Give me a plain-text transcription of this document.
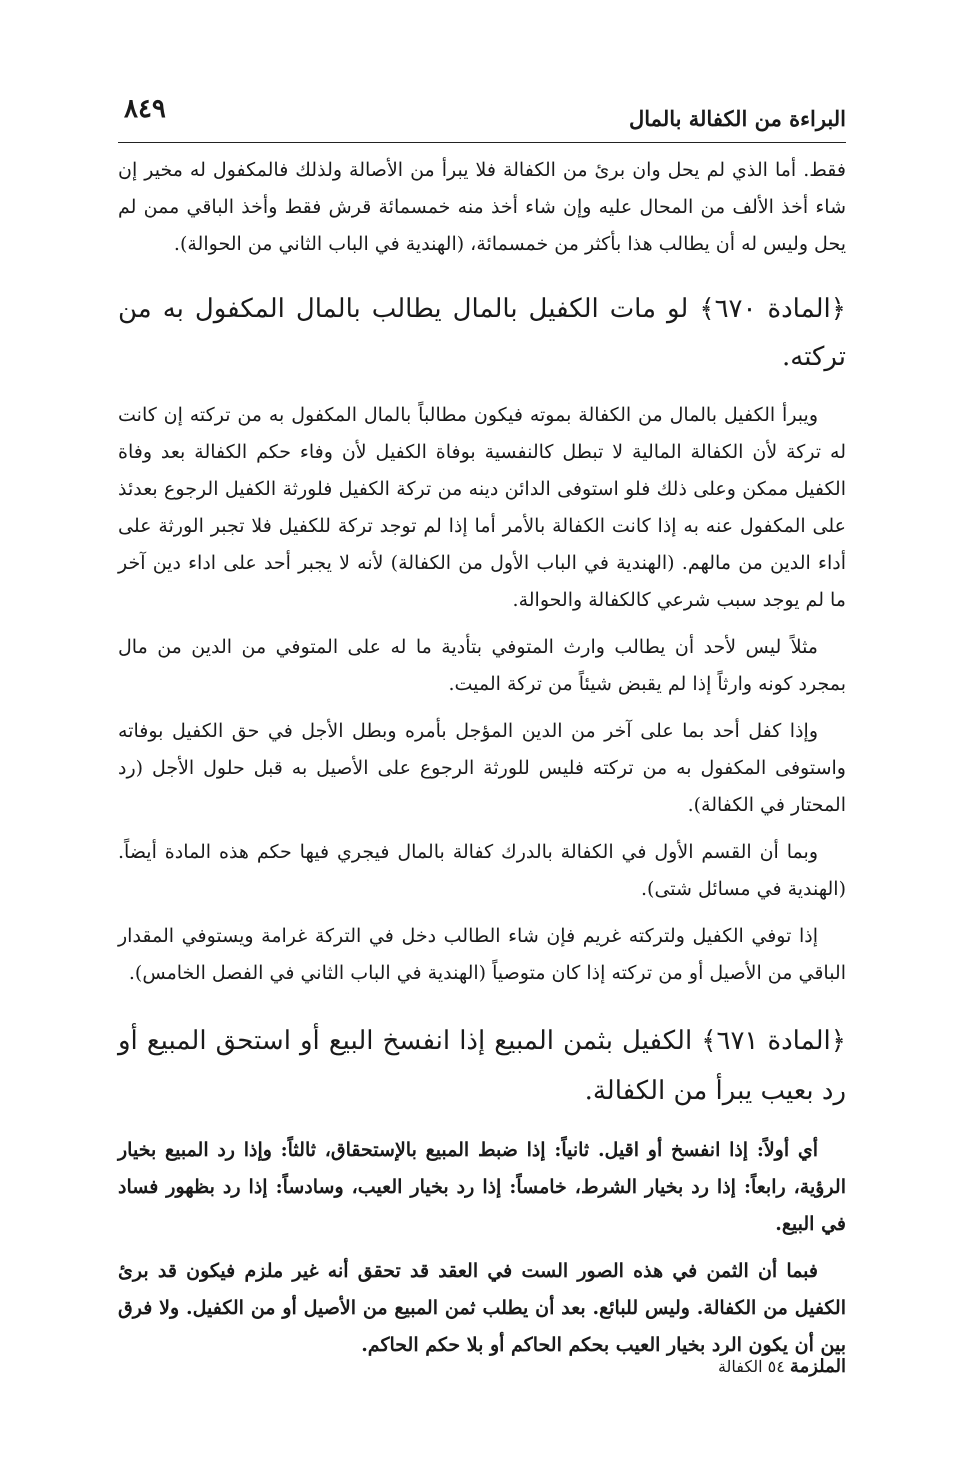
٨٤٩	البراءة من الكفالة بالمال

فقط. أما الذي لم يحل وان برئ من الكفالة فلا يبرأ من الأصالة ولذلك فالمكفول له مخير إن شاء أخذ الألف من المحال عليه وإن شاء أخذ منه خمسمائة قرش فقط وأخذ الباقي ممن لم يحل وليس له أن يطالب هذا بأكثر من خمسمائة، (الهندية في الباب الثاني من الحوالة).

﴿المادة ٦٧٠﴾ لو مات الكفيل بالمال يطالب بالمال المكفول به من تركته.

ويبرأ الكفيل بالمال من الكفالة بموته فيكون مطالباً بالمال المكفول به من تركته إن كانت له تركة لأن الكفالة المالية لا تبطل كالنفسية بوفاة الكفيل لأن وفاء حكم الكفالة بعد وفاة الكفيل ممكن وعلى ذلك فلو استوفى الدائن دينه من تركة الكفيل فلورثة الكفيل الرجوع بعدئذ على المكفول عنه به إذا كانت الكفالة بالأمر أما إذا لم توجد تركة للكفيل فلا تجبر الورثة على أداء الدين من مالهم. (الهندية في الباب الأول من الكفالة) لأنه لا يجبر أحد على اداء دين آخر ما لم يوجد سبب شرعي كالكفالة والحوالة.

مثلاً ليس لأحد أن يطالب وارث المتوفي بتأدية ما له على المتوفي من الدين من مال بمجرد كونه وارثاً إذا لم يقبض شيئاً من تركة الميت.

وإذا كفل أحد بما على آخر من الدين المؤجل بأمره وبطل الأجل في حق الكفيل بوفاته واستوفى المكفول به من تركته فليس للورثة الرجوع على الأصيل به قبل حلول الأجل (رد المحتار في الكفالة).

وبما أن القسم الأول في الكفالة بالدرك كفالة بالمال فيجري فيها حكم هذه المادة أيضاً. (الهندية في مسائل شتى).

إذا توفي الكفيل ولتركته غريم فإن شاء الطالب دخل في التركة غرامة ويستوفي المقدار الباقي من الأصيل أو من تركته إذا كان متوصياً (الهندية في الباب الثاني في الفصل الخامس).

﴿المادة ٦٧١﴾ الكفيل بثمن المبيع إذا انفسخ البيع أو استحق المبيع أو رد بعيب يبرأ من الكفالة.

أي أولاً: إذا انفسخ أو اقيل. ثانياً: إذا ضبط المبيع بالإستحقاق، ثالثاً: وإذا رد المبيع بخيار الرؤية، رابعاً: إذا رد بخيار الشرط، خامساً: إذا رد بخيار العيب، وسادساً: إذا رد بظهور فساد في البيع.

فبما أن الثمن في هذه الصور الست في العقد قد تحقق أنه غير ملزم فيكون قد برئ الكفيل من الكفالة. وليس للبائع. بعد أن يطلب ثمن المبيع من الأصيل أو من الكفيل. ولا فرق بين أن يكون الرد بخيار العيب بحكم الحاكم أو بلا حكم الحاكم.

الملزمة ٥٤ الكفالة
